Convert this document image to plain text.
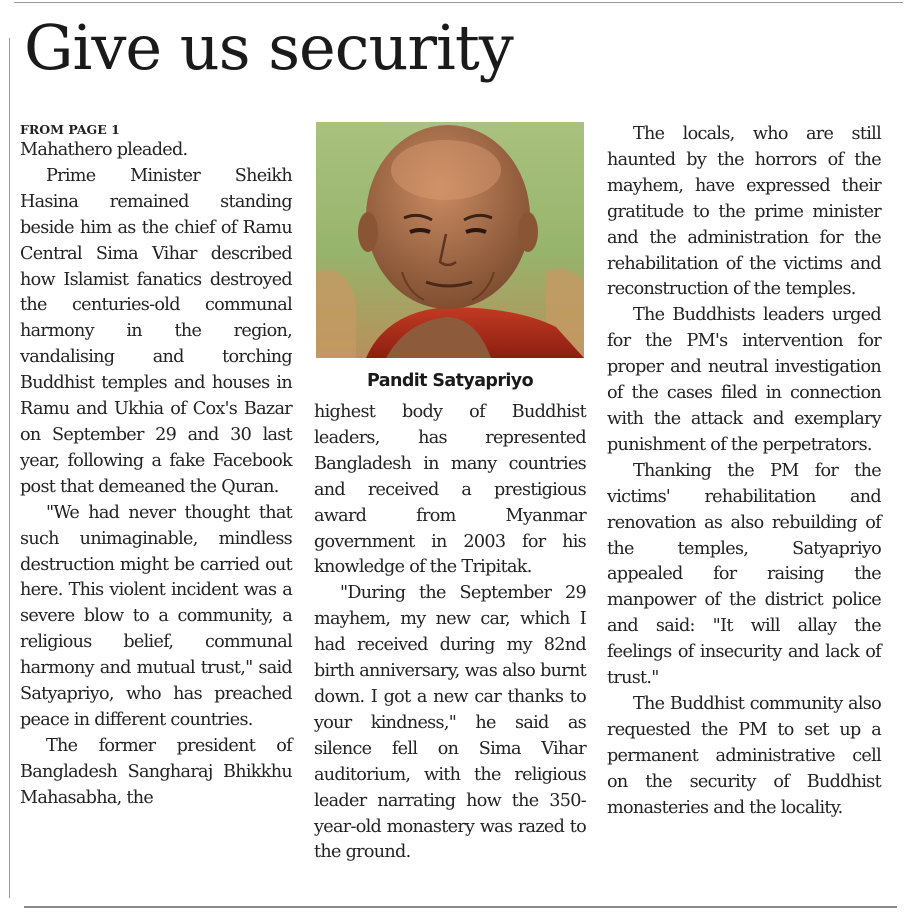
Give us security
FROM PAGE 1

Mahathero pleaded.

Prime Minister Sheikh Hasina remained standing beside him as the chief of Ramu Central Sima Vihar described how Islamist fanatics destroyed the centuries-old communal harmony in the region, vandalising and torching Buddhist temples and houses in Ramu and Ukhia of Cox's Bazar on September 29 and 30 last year, following a fake Facebook post that demeaned the Quran.

"We had never thought that such unimaginable, mindless destruction might be carried out here. This violent incident was a severe blow to a community, a religious belief, communal harmony and mutual trust," said Satyapriyo, who has preached peace in different countries.

The former president of Bangladesh Sangharaj Bhikkhu Mahasabha, the

Pandit Satyapriyo

highest body of Buddhist leaders, has represented Bangladesh in many countries and received a prestigious award from Myanmar government in 2003 for his knowledge of the Tripitak.

"During the September 29 mayhem, my new car, which I had received during my 82nd birth anniversary, was also burnt down. I got a new car thanks to your kindness," he said as silence fell on Sima Vihar auditorium, with the religious leader narrating how the 350-year-old monastery was razed to the ground.

The locals, who are still haunted by the horrors of the mayhem, have expressed their gratitude to the prime minister and the administration for the rehabilitation of the victims and reconstruction of the temples.

The Buddhists leaders urged for the PM's intervention for proper and neutral investigation of the cases filed in connection with the attack and exemplary punishment of the perpetrators.

Thanking the PM for the victims' rehabilitation and renovation as also rebuilding of the temples, Satyapriyo appealed for raising the manpower of the district police and said: "It will allay the feelings of insecurity and lack of trust."

The Buddhist community also requested the PM to set up a permanent administrative cell on the security of Buddhist monasteries and the locality.
